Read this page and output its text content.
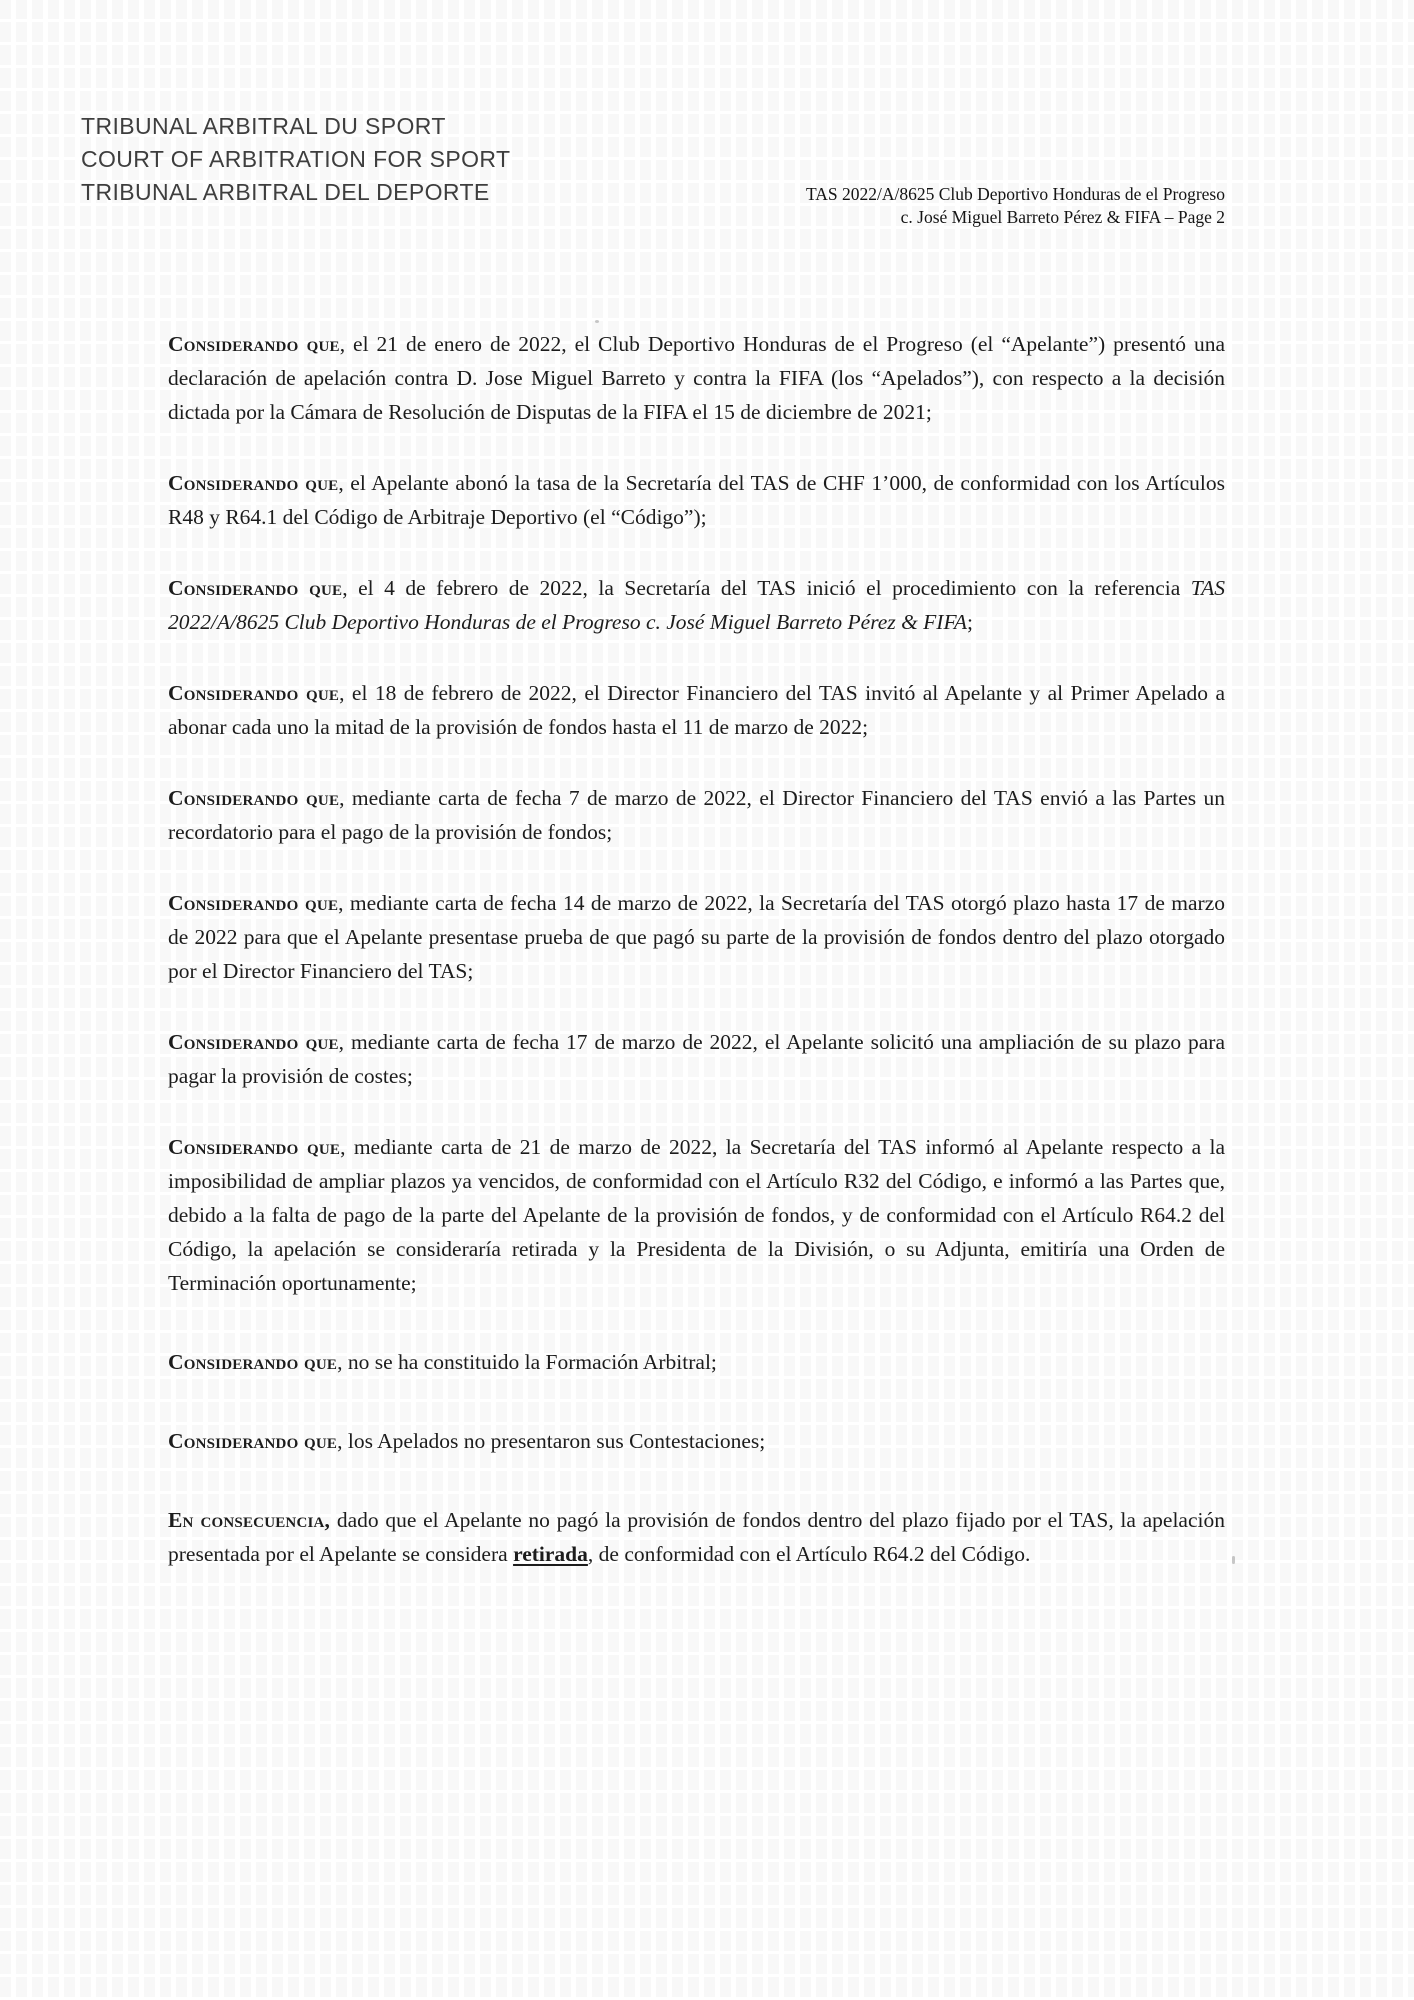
TRIBUNAL ARBITRAL DU SPORT
COURT OF ARBITRATION FOR SPORT
TRIBUNAL ARBITRAL DEL DEPORTE	TAS 2022/A/8625 Club Deportivo Honduras de el Progreso
c. José Miguel Barreto Pérez & FIFA – Page 2

Considerando que, el 21 de enero de 2022, el Club Deportivo Honduras de el Progreso (el “Apelante”) presentó una declaración de apelación contra D. Jose Miguel Barreto y contra la FIFA (los “Apelados”), con respecto a la decisión dictada por la Cámara de Resolución de Disputas de la FIFA el 15 de diciembre de 2021;

Considerando que, el Apelante abonó la tasa de la Secretaría del TAS de CHF 1’000, de conformidad con los Artículos R48 y R64.1 del Código de Arbitraje Deportivo (el “Código”);

Considerando que, el 4 de febrero de 2022, la Secretaría del TAS inició el procedimiento con la referencia TAS 2022/A/8625 Club Deportivo Honduras de el Progreso c. José Miguel Barreto Pérez & FIFA;

Considerando que, el 18 de febrero de 2022, el Director Financiero del TAS invitó al Apelante y al Primer Apelado a abonar cada uno la mitad de la provisión de fondos hasta el 11 de marzo de 2022;

Considerando que, mediante carta de fecha 7 de marzo de 2022, el Director Financiero del TAS envió a las Partes un recordatorio para el pago de la provisión de fondos;

Considerando que, mediante carta de fecha 14 de marzo de 2022, la Secretaría del TAS otorgó plazo hasta 17 de marzo de 2022 para que el Apelante presentase prueba de que pagó su parte de la provisión de fondos dentro del plazo otorgado por el Director Financiero del TAS;

Considerando que, mediante carta de fecha 17 de marzo de 2022, el Apelante solicitó una ampliación de su plazo para pagar la provisión de costes;

Considerando que, mediante carta de 21 de marzo de 2022, la Secretaría del TAS informó al Apelante respecto a la imposibilidad de ampliar plazos ya vencidos, de conformidad con el Artículo R32 del Código, e informó a las Partes que, debido a la falta de pago de la parte del Apelante de la provisión de fondos, y de conformidad con el Artículo R64.2 del Código, la apelación se consideraría retirada y la Presidenta de la División, o su Adjunta, emitiría una Orden de Terminación oportunamente;

Considerando que, no se ha constituido la Formación Arbitral;

Considerando que, los Apelados no presentaron sus Contestaciones;

En consecuencia, dado que el Apelante no pagó la provisión de fondos dentro del plazo fijado por el TAS, la apelación presentada por el Apelante se considera retirada, de conformidad con el Artículo R64.2 del Código.
